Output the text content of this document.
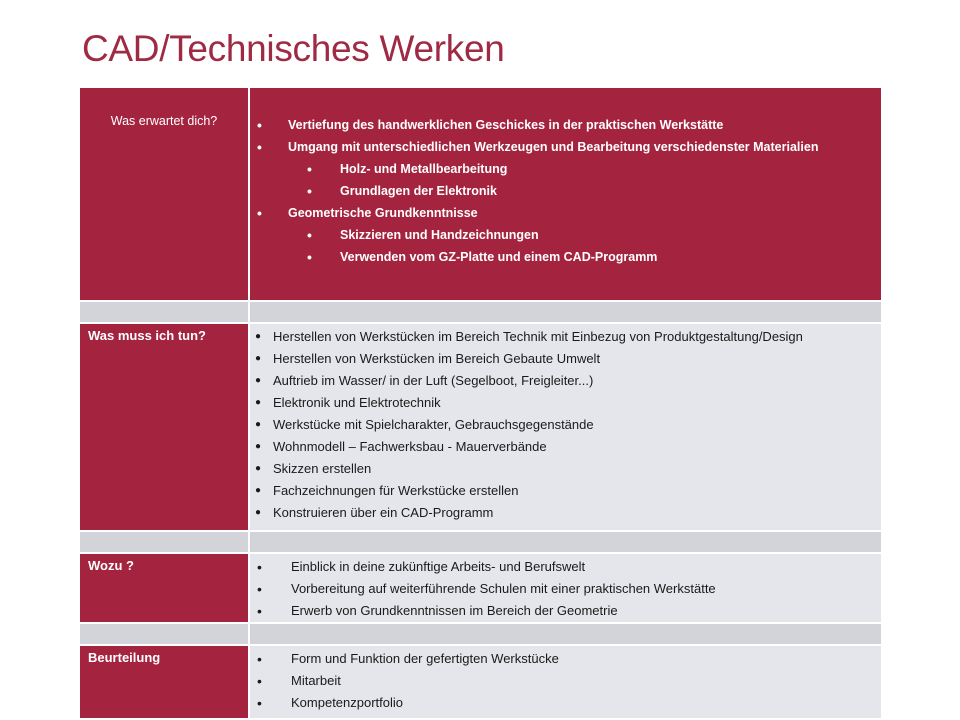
CAD/Technisches Werken
Was erwartet dich?	• Vertiefung des handwerklichen Geschickes in der praktischen Werkstätte
• Umgang mit unterschiedlichen Werkzeugen und Bearbeitung verschiedenster Materialien
• Holz- und Metallbearbeitung
• Grundlagen der Elektronik
• Geometrische Grundkenntnisse
• Skizzieren und Handzeichnungen
• Verwenden vom GZ-Platte und einem CAD-Programm
Was muss ich tun?	● Herstellen von Werkstücken im Bereich Technik mit Einbezug von Produktgestaltung/Design
● Herstellen von Werkstücken im Bereich Gebaute Umwelt
● Auftrieb im Wasser/ in der Luft (Segelboot, Freigleiter...)
● Elektronik und Elektrotechnik
● Werkstücke mit Spielcharakter, Gebrauchsgegenstände
● Wohnmodell – Fachwerksbau - Mauerverbände
● Skizzen erstellen
● Fachzeichnungen für Werkstücke erstellen
● Konstruieren über ein CAD-Programm
Wozu ?	• Einblick in deine zukünftige Arbeits- und Berufswelt
• Vorbereitung auf weiterführende Schulen mit einer praktischen Werkstätte
• Erwerb von Grundkenntnissen im Bereich der Geometrie
Beurteilung	• Form und Funktion der gefertigten Werkstücke
• Mitarbeit
• Kompetenzportfolio
